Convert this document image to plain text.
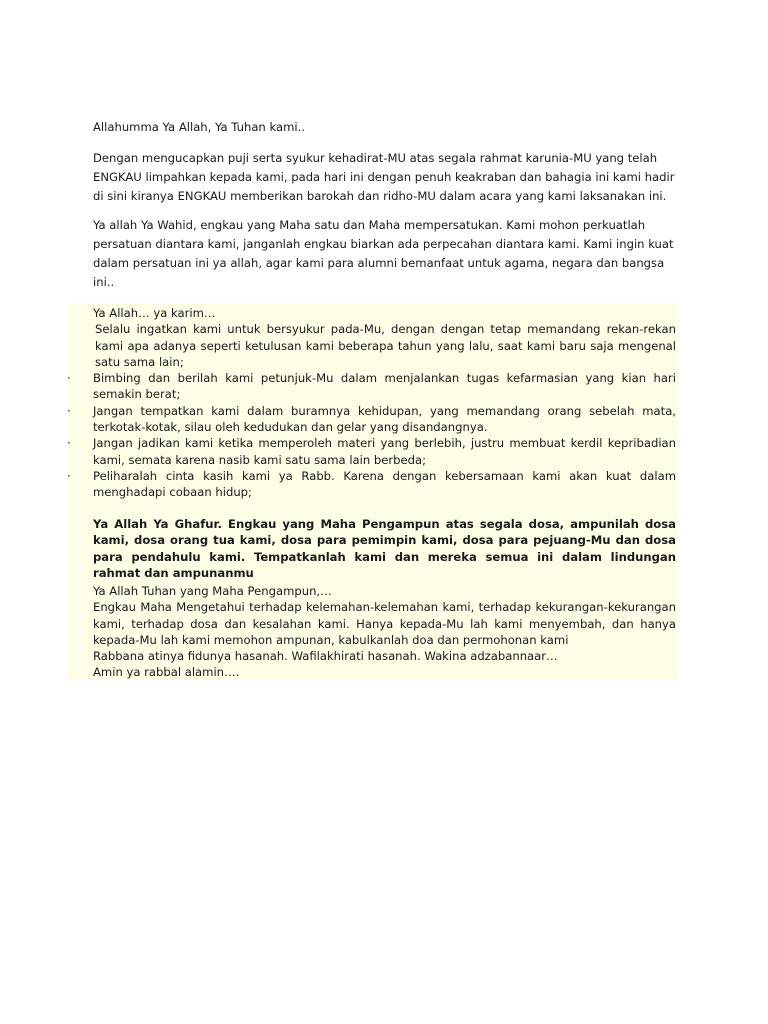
Allahumma Ya Allah, Ya Tuhan kami..

Dengan mengucapkan puji serta syukur kehadirat-MU atas segala rahmat karunia-MU yang telah ENGKAU limpahkan kepada kami, pada hari ini dengan penuh keakraban dan bahagia ini kami hadir di sini kiranya ENGKAU memberikan barokah dan ridho-MU dalam acara yang kami laksanakan ini.

Ya allah Ya Wahid, engkau yang Maha satu dan Maha mempersatukan. Kami mohon perkuatlah persatuan diantara kami, janganlah engkau biarkan ada perpecahan diantara kami. Kami ingin kuat dalam persatuan ini ya allah, agar kami para alumni bemanfaat untuk agama, negara dan bangsa ini..

Ya Allah… ya karim…
Selalu ingatkan kami untuk bersyukur pada-Mu, dengan dengan tetap memandang rekan-rekan kami apa adanya seperti ketulusan kami beberapa tahun yang lalu, saat kami baru saja mengenal satu sama lain;
· Bimbing dan berilah kami petunjuk-Mu dalam menjalankan tugas kefarmasian yang kian hari semakin berat;
· Jangan tempatkan kami dalam buramnya kehidupan, yang memandang orang sebelah mata, terkotak-kotak, silau oleh kedudukan dan gelar yang disandangnya.
· Jangan jadikan kami ketika memperoleh materi yang berlebih, justru membuat kerdil kepribadian kami, semata karena nasib kami satu sama lain berbeda;
· Peliharalah cinta kasih kami ya Rabb. Karena dengan kebersamaan kami akan kuat dalam menghadapi cobaan hidup;
Ya Allah Ya Ghafur. Engkau yang Maha Pengampun atas segala dosa, ampunilah dosa kami, dosa orang tua kami, dosa para pemimpin kami, dosa para pejuang-Mu dan dosa para pendahulu kami. Tempatkanlah kami dan mereka semua ini dalam lindungan rahmat dan ampunanmu
Ya Allah Tuhan yang Maha Pengampun,…
Engkau Maha Mengetahui terhadap kelemahan-kelemahan kami, terhadap kekurangan-kekurangan kami, terhadap dosa dan kesalahan kami. Hanya kepada-Mu lah kami menyembah, dan hanya kepada-Mu lah kami memohon ampunan, kabulkanlah doa dan permohonan kami
Rabbana atinya fidunya hasanah. Wafilakhirati hasanah. Wakina adzabannaar…
Amin ya rabbal alamin….
